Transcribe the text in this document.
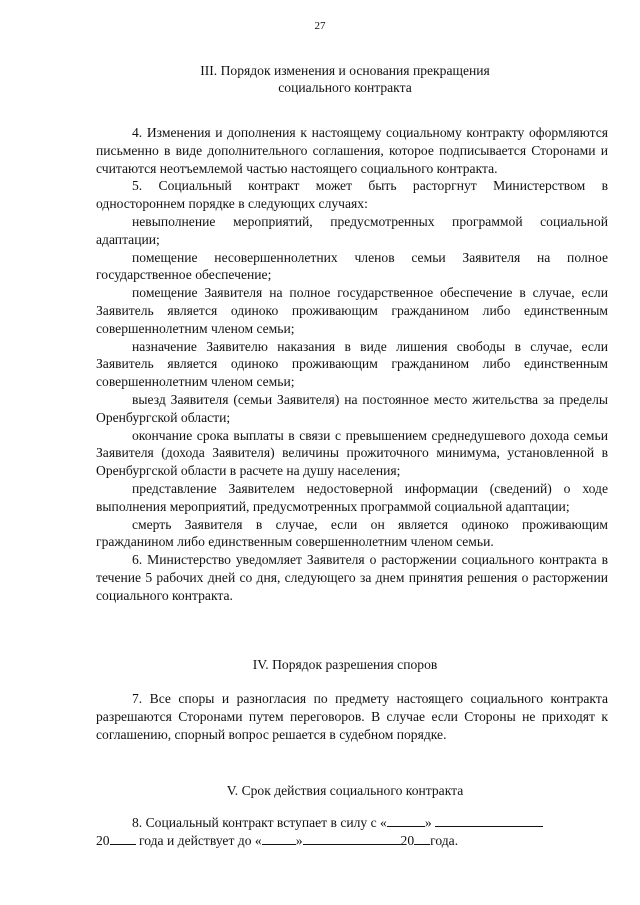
27
III. Порядок изменения и основания прекращения
социального контракта

4. Изменения и дополнения к настоящему социальному контракту оформляются письменно в виде дополнительного соглашения, которое подписывается Сторонами и считаются неотъемлемой частью настоящего социального контракта.

5. Социальный контракт может быть расторгнут Министерством в одностороннем порядке в следующих случаях:

невыполнение мероприятий, предусмотренных программой социальной адаптации;

помещение несовершеннолетних членов семьи Заявителя на полное государственное обеспечение;

помещение Заявителя на полное государственное обеспечение в случае, если Заявитель является одиноко проживающим гражданином либо единственным совершеннолетним членом семьи;

назначение Заявителю наказания в виде лишения свободы в случае, если Заявитель является одиноко проживающим гражданином либо единственным совершеннолетним членом семьи;

выезд Заявителя (семьи Заявителя) на постоянное место жительства за пределы Оренбургской области;

окончание срока выплаты в связи с превышением среднедушевого дохода семьи Заявителя (дохода Заявителя) величины прожиточного минимума, установленной в Оренбургской области в расчете на душу населения;

представление Заявителем недостоверной информации (сведений) о ходе выполнения мероприятий, предусмотренных программой социальной адаптации;

смерть Заявителя в случае, если он является одиноко проживающим гражданином либо единственным совершеннолетним членом семьи.

6. Министерство уведомляет Заявителя о расторжении социального контракта в течение 5 рабочих дней со дня, следующего за днем принятия решения о расторжении социального контракта.

IV. Порядок разрешения споров

7. Все споры и разногласия по предмету настоящего социального контракта разрешаются Сторонами путем переговоров. В случае если Стороны не приходят к соглашению, спорный вопрос решается в судебном порядке.

V. Срок действия социального контракта

8. Социальный контракт вступает в силу с «	»

20 года и действует до «	»	20 года.
